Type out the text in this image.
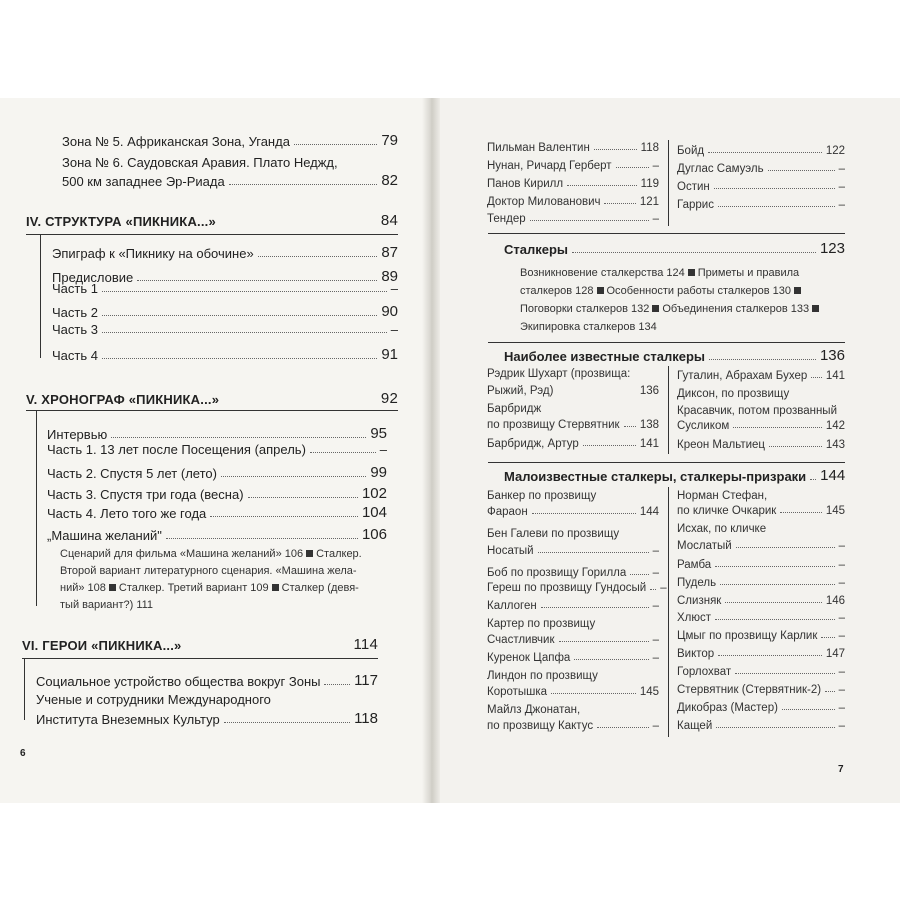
Зона № 5. Африканская Зона, Уганда	79
Зона № 6. Саудовская Аравия. Плато Неджд,
500 км западнее Эр-Риада	82
IV. СТРУКТУРА «ПИКНИКА...»	84
Эпиграф к «Пикнику на обочине»	87
Предисловие	89
Часть 1	–
Часть 2	90
Часть 3	–
Часть 4	91
V. ХРОНОГРАФ «ПИКНИКА...»	92
Интервью	95
Часть 1. 13 лет после Посещения (апрель)	–
Часть 2. Спустя 5 лет (лето)	99
Часть 3. Спустя три года (весна)	102
Часть 4. Лето того же года	104
„Машина желаний"	106
Сценарий для фильма «Машина желаний» 106 Сталкер.
Второй вариант литературного сценария. «Машина жела-
ний» 108 Сталкер. Третий вариант 109 Сталкер (девя-
тый вариант?) 111
VI. ГЕРОИ «ПИКНИКА...»	114
Социальное устройство общества вокруг Зоны 117
Ученые и сотрудники Международного
Института Внеземных Культур	118
6
Пильман Валентин	118
Нунан, Ричард Герберт	–
Панов Кирилл	119
Доктор Милованович	121
Тендер	–
Бойд	122
Дуглас Самуэль	–
Остин	–
Гаррис	–
Сталкеры	123
Возникновение сталкерства 124 Приметы и правила
сталкеров 128 Особенности работы сталкеров 130
Поговорки сталкеров 132 Объединения сталкеров 133
Экипировка сталкеров 134
Наиболее известные сталкеры	136
Рэдрик Шухарт (прозвища:
Рыжий, Рэд)	136
Барбридж
по прозвищу Стервятник 138
Барбридж, Артур	141
Гуталин, Абрахам Бухер 141
Диксон, по прозвищу
Красавчик, потом прозванный
Сусликом	142
Креон Мальтиец	143
Малоизвестные сталкеры, сталкеры-призраки 144
Банкер по прозвищу
Фараон	144
Бен Галеви по прозвищу
Носатый	–
Боб по прозвищу Горилла –
Гереш по прозвищу Гундосый –
Каллоген	–
Картер по прозвищу
Счастливчик	–
Куренок Цапфа	–
Линдон по прозвищу
Коротышка	145
Майлз Джонатан,
по прозвищу Кактус	–
Норман Стефан,
по кличке Очкарик	145
Исхак, по кличке
Мослатый	–
Рамба	–
Пудель	–
Слизняк	146
Хлюст	–
Цмыг по прозвищу Карлик –
Виктор	147
Горлохват	–
Стервятник (Стервятник-2) –
Дикобраз (Мастер)	–
Кащей	–
7
